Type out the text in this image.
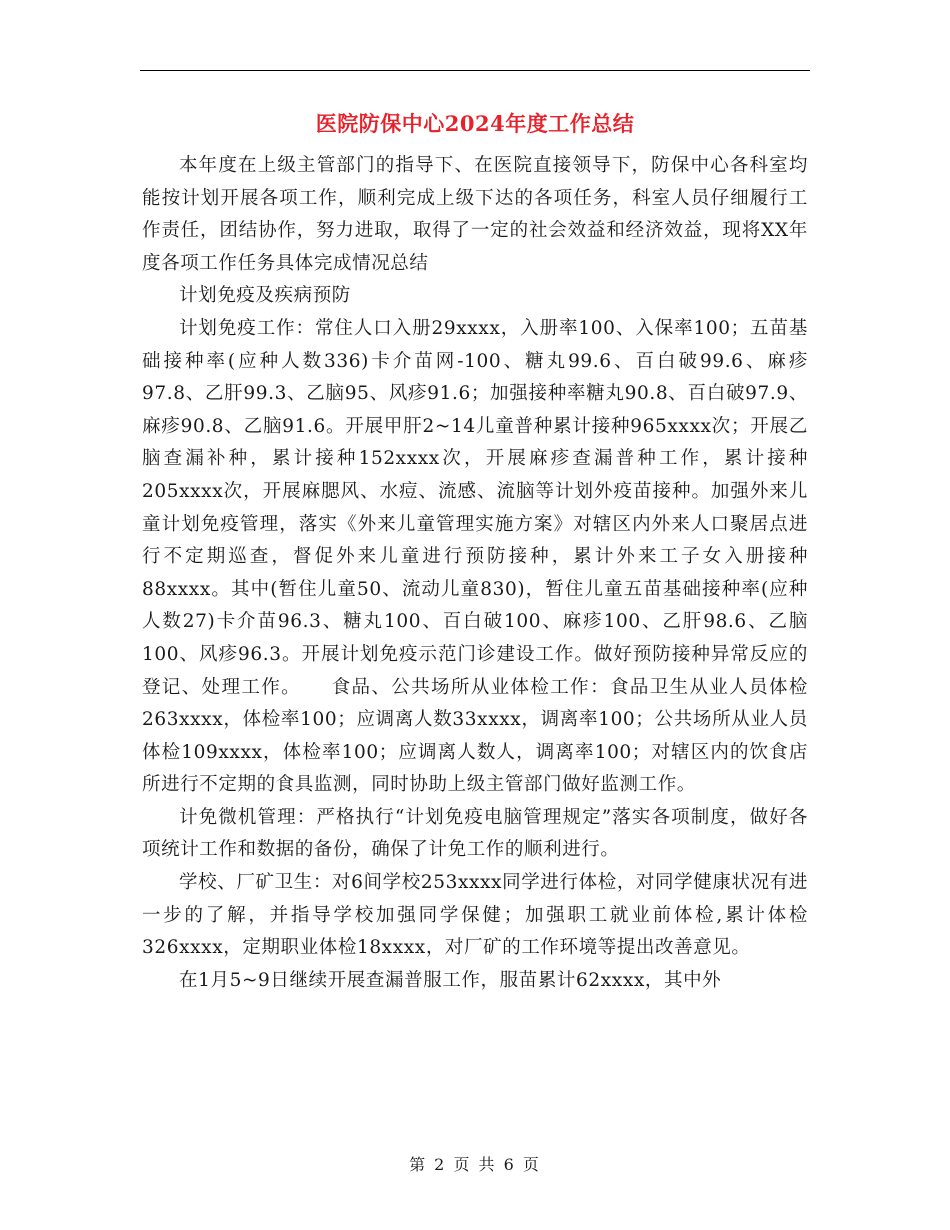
医院防保中心2024年度工作总结

本年度在上级主管部门的指导下、在医院直接领导下，防保中心各科室均能按计划开展各项工作，顺利完成上级下达的各项任务，科室人员仔细履行工作责任，团结协作，努力进取，取得了一定的社会效益和经济效益，现将XX年度各项工作任务具体完成情况总结

计划免疫及疾病预防

计划免疫工作：常住人口入册29xxxx，入册率100、入保率100；五苗基础接种率(应种人数336)卡介苗网-100、糖丸99.6、百白破99.6、麻疹97.8、乙肝99.3、乙脑95、风疹91.6；加强接种率糖丸90.8、百白破97.9、麻疹90.8、乙脑91.6。开展甲肝2~14儿童普种累计接种965xxxx次；开展乙脑查漏补种，累计接种152xxxx次，开展麻疹查漏普种工作，累计接种205xxxx次，开展麻腮风、水痘、流感、流脑等计划外疫苗接种。加强外来儿童计划免疫管理，落实《外来儿童管理实施方案》对辖区内外来人口聚居点进行不定期巡查，督促外来儿童进行预防接种，累计外来工子女入册接种88xxxx。其中(暂住儿童50、流动儿童830)，暂住儿童五苗基础接种率(应种人数27)卡介苗96.3、糖丸100、百白破100、麻疹100、乙肝98.6、乙脑100、风疹96.3。开展计划免疫示范门诊建设工作。做好预防接种异常反应的登记、处理工作。　　食品、公共场所从业体检工作：食品卫生从业人员体检263xxxx，体检率100；应调离人数33xxxx，调离率100；公共场所从业人员体检109xxxx，体检率100；应调离人数人，调离率100；对辖区内的饮食店所进行不定期的食具监测，同时协助上级主管部门做好监测工作。

计免微机管理：严格执行“计划免疫电脑管理规定”落实各项制度，做好各项统计工作和数据的备份，确保了计免工作的顺利进行。

学校、厂矿卫生：对6间学校253xxxx同学进行体检，对同学健康状况有进一步的了解，并指导学校加强同学保健；加强职工就业前体检,累计体检326xxxx，定期职业体检18xxxx，对厂矿的工作环境等提出改善意见。

在1月5~9日继续开展查漏普服工作，服苗累计62xxxx，其中外

第 2 页 共 6 页
